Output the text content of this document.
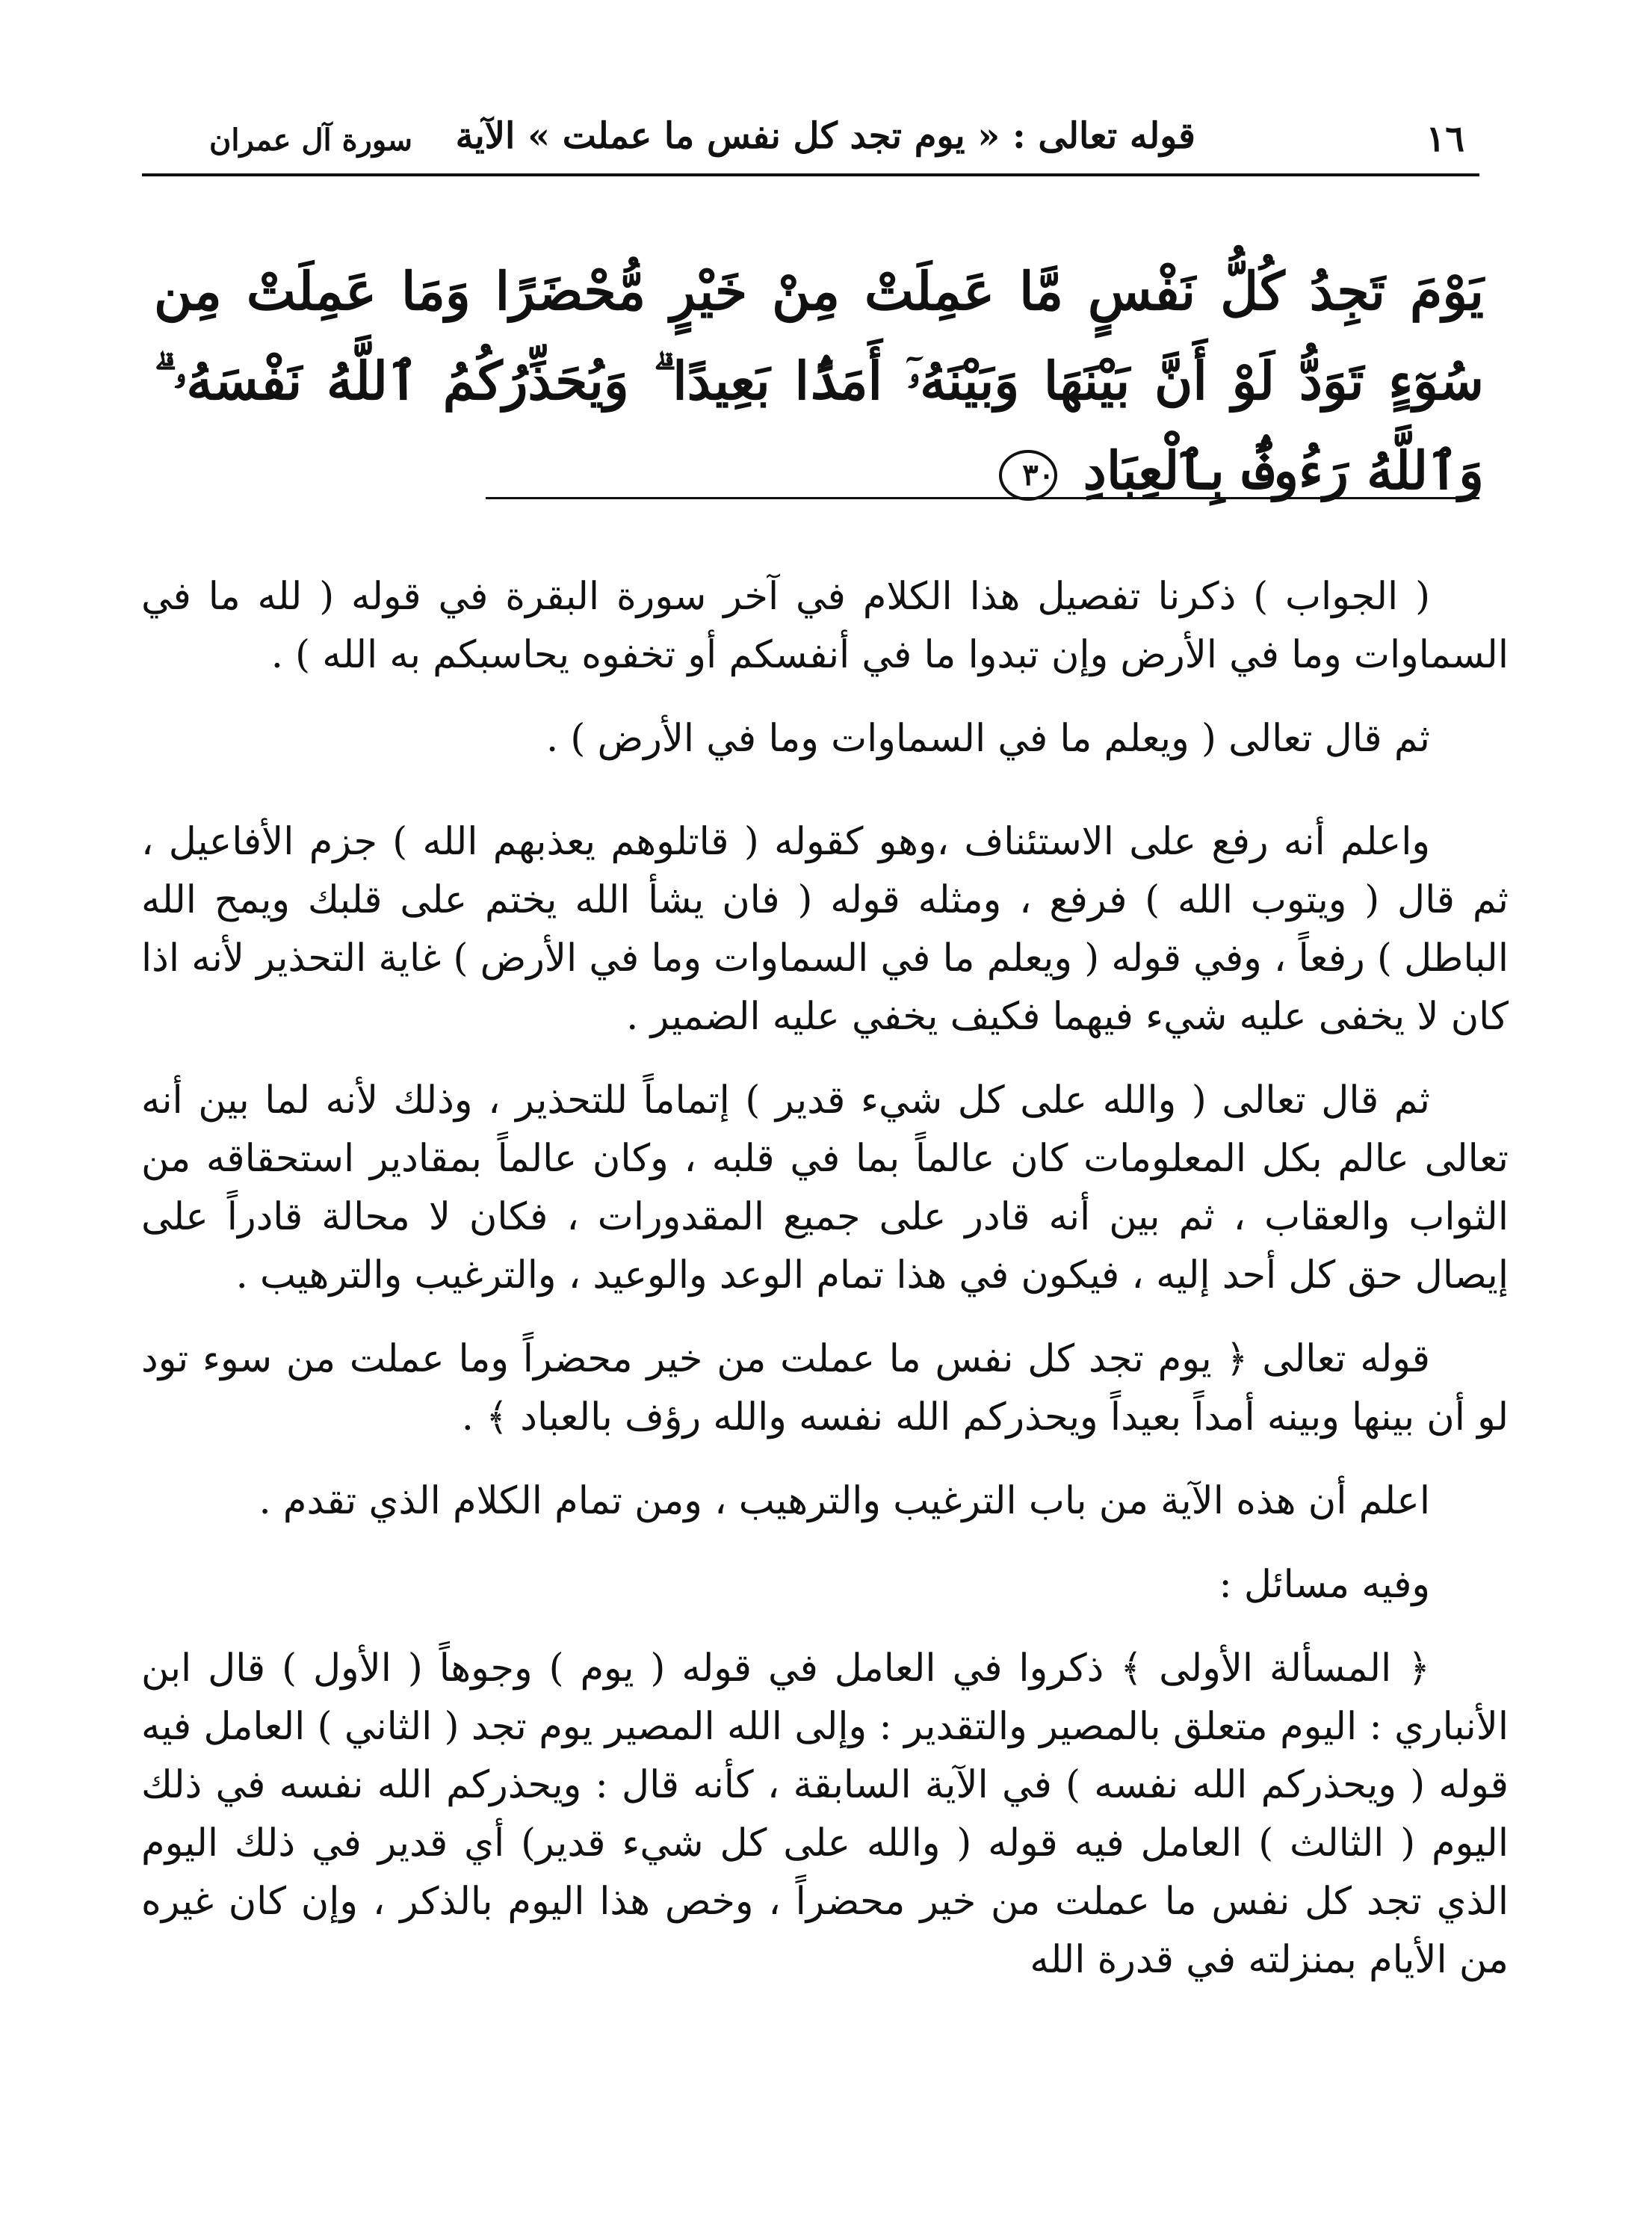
١٦
قوله تعالى : « يوم تجد كل نفس ما عملت » الآية
سورة آل عمران
يَوْمَ تَجِدُ كُلُّ نَفْسٍ مَّا عَمِلَتْ مِنْ خَيْرٍ مُّحْضَرًا وَمَا عَمِلَتْ مِن سُوٓءٍ تَوَدُّ لَوْ أَنَّ بَيْنَهَا وَبَيْنَهُۥٓ أَمَدًۢا بَعِيدًا ۗ وَيُحَذِّرُكُمُ ٱللَّهُ نَفْسَهُۥ ۗ وَٱللَّهُ رَءُوفٌۢ بِٱلْعِبَادِ ٣٠

( الجواب ) ذكرنا تفصيل هذا الكلام في آخر سورة البقرة في قوله ( لله ما في السماوات وما في الأرض وإن تبدوا ما في أنفسكم أو تخفوه يحاسبكم به الله ) .

ثم قال تعالى ( ويعلم ما في السماوات وما في الأرض ) .

واعلم أنه رفع على الاستئناف ،وهو كقوله ( قاتلوهم يعذبهم الله ) جزم الأفاعيل ، ثم قال ( ويتوب الله ) فرفع ، ومثله قوله ( فان يشأ الله يختم على قلبك ويمح الله الباطل ) رفعاً ، وفي قوله ( ويعلم ما في السماوات وما في الأرض ) غاية التحذير لأنه اذا كان لا يخفى عليه شيء فيهما فكيف يخفي عليه الضمير .

ثم قال تعالى ( والله على كل شيء قدير ) إتماماً للتحذير ، وذلك لأنه لما بين أنه تعالى عالم بكل المعلومات كان عالماً بما في قلبه ، وكان عالماً بمقادير استحقاقه من الثواب والعقاب ، ثم بين أنه قادر على جميع المقدورات ، فكان لا محالة قادراً على إيصال حق كل أحد إليه ، فيكون في هذا تمام الوعد والوعيد ، والترغيب والترهيب .

قوله تعالى ﴿ يوم تجد كل نفس ما عملت من خير محضراً وما عملت من سوء تود لو أن بينها وبينه أمداً بعيداً ويحذركم الله نفسه والله رؤف بالعباد ﴾ .

اعلم أن هذه الآية من باب الترغيب والترهيب ، ومن تمام الكلام الذي تقدم .

وفيه مسائل :

﴿ المسألة الأولى ﴾ ذكروا في العامل في قوله ( يوم ) وجوهاً ( الأول ) قال ابن الأنباري : اليوم متعلق بالمصير والتقدير : وإلى الله المصير يوم تجد ( الثاني ) العامل فيه قوله ( ويحذركم الله نفسه ) في الآية السابقة ، كأنه قال : ويحذركم الله نفسه في ذلك اليوم ( الثالث ) العامل فيه قوله ( والله على كل شيء قدير) أي قدير في ذلك اليوم الذي تجد كل نفس ما عملت من خير محضراً ، وخص هذا اليوم بالذكر ، وإن كان غيره من الأيام بمنزلته في قدرة الله
